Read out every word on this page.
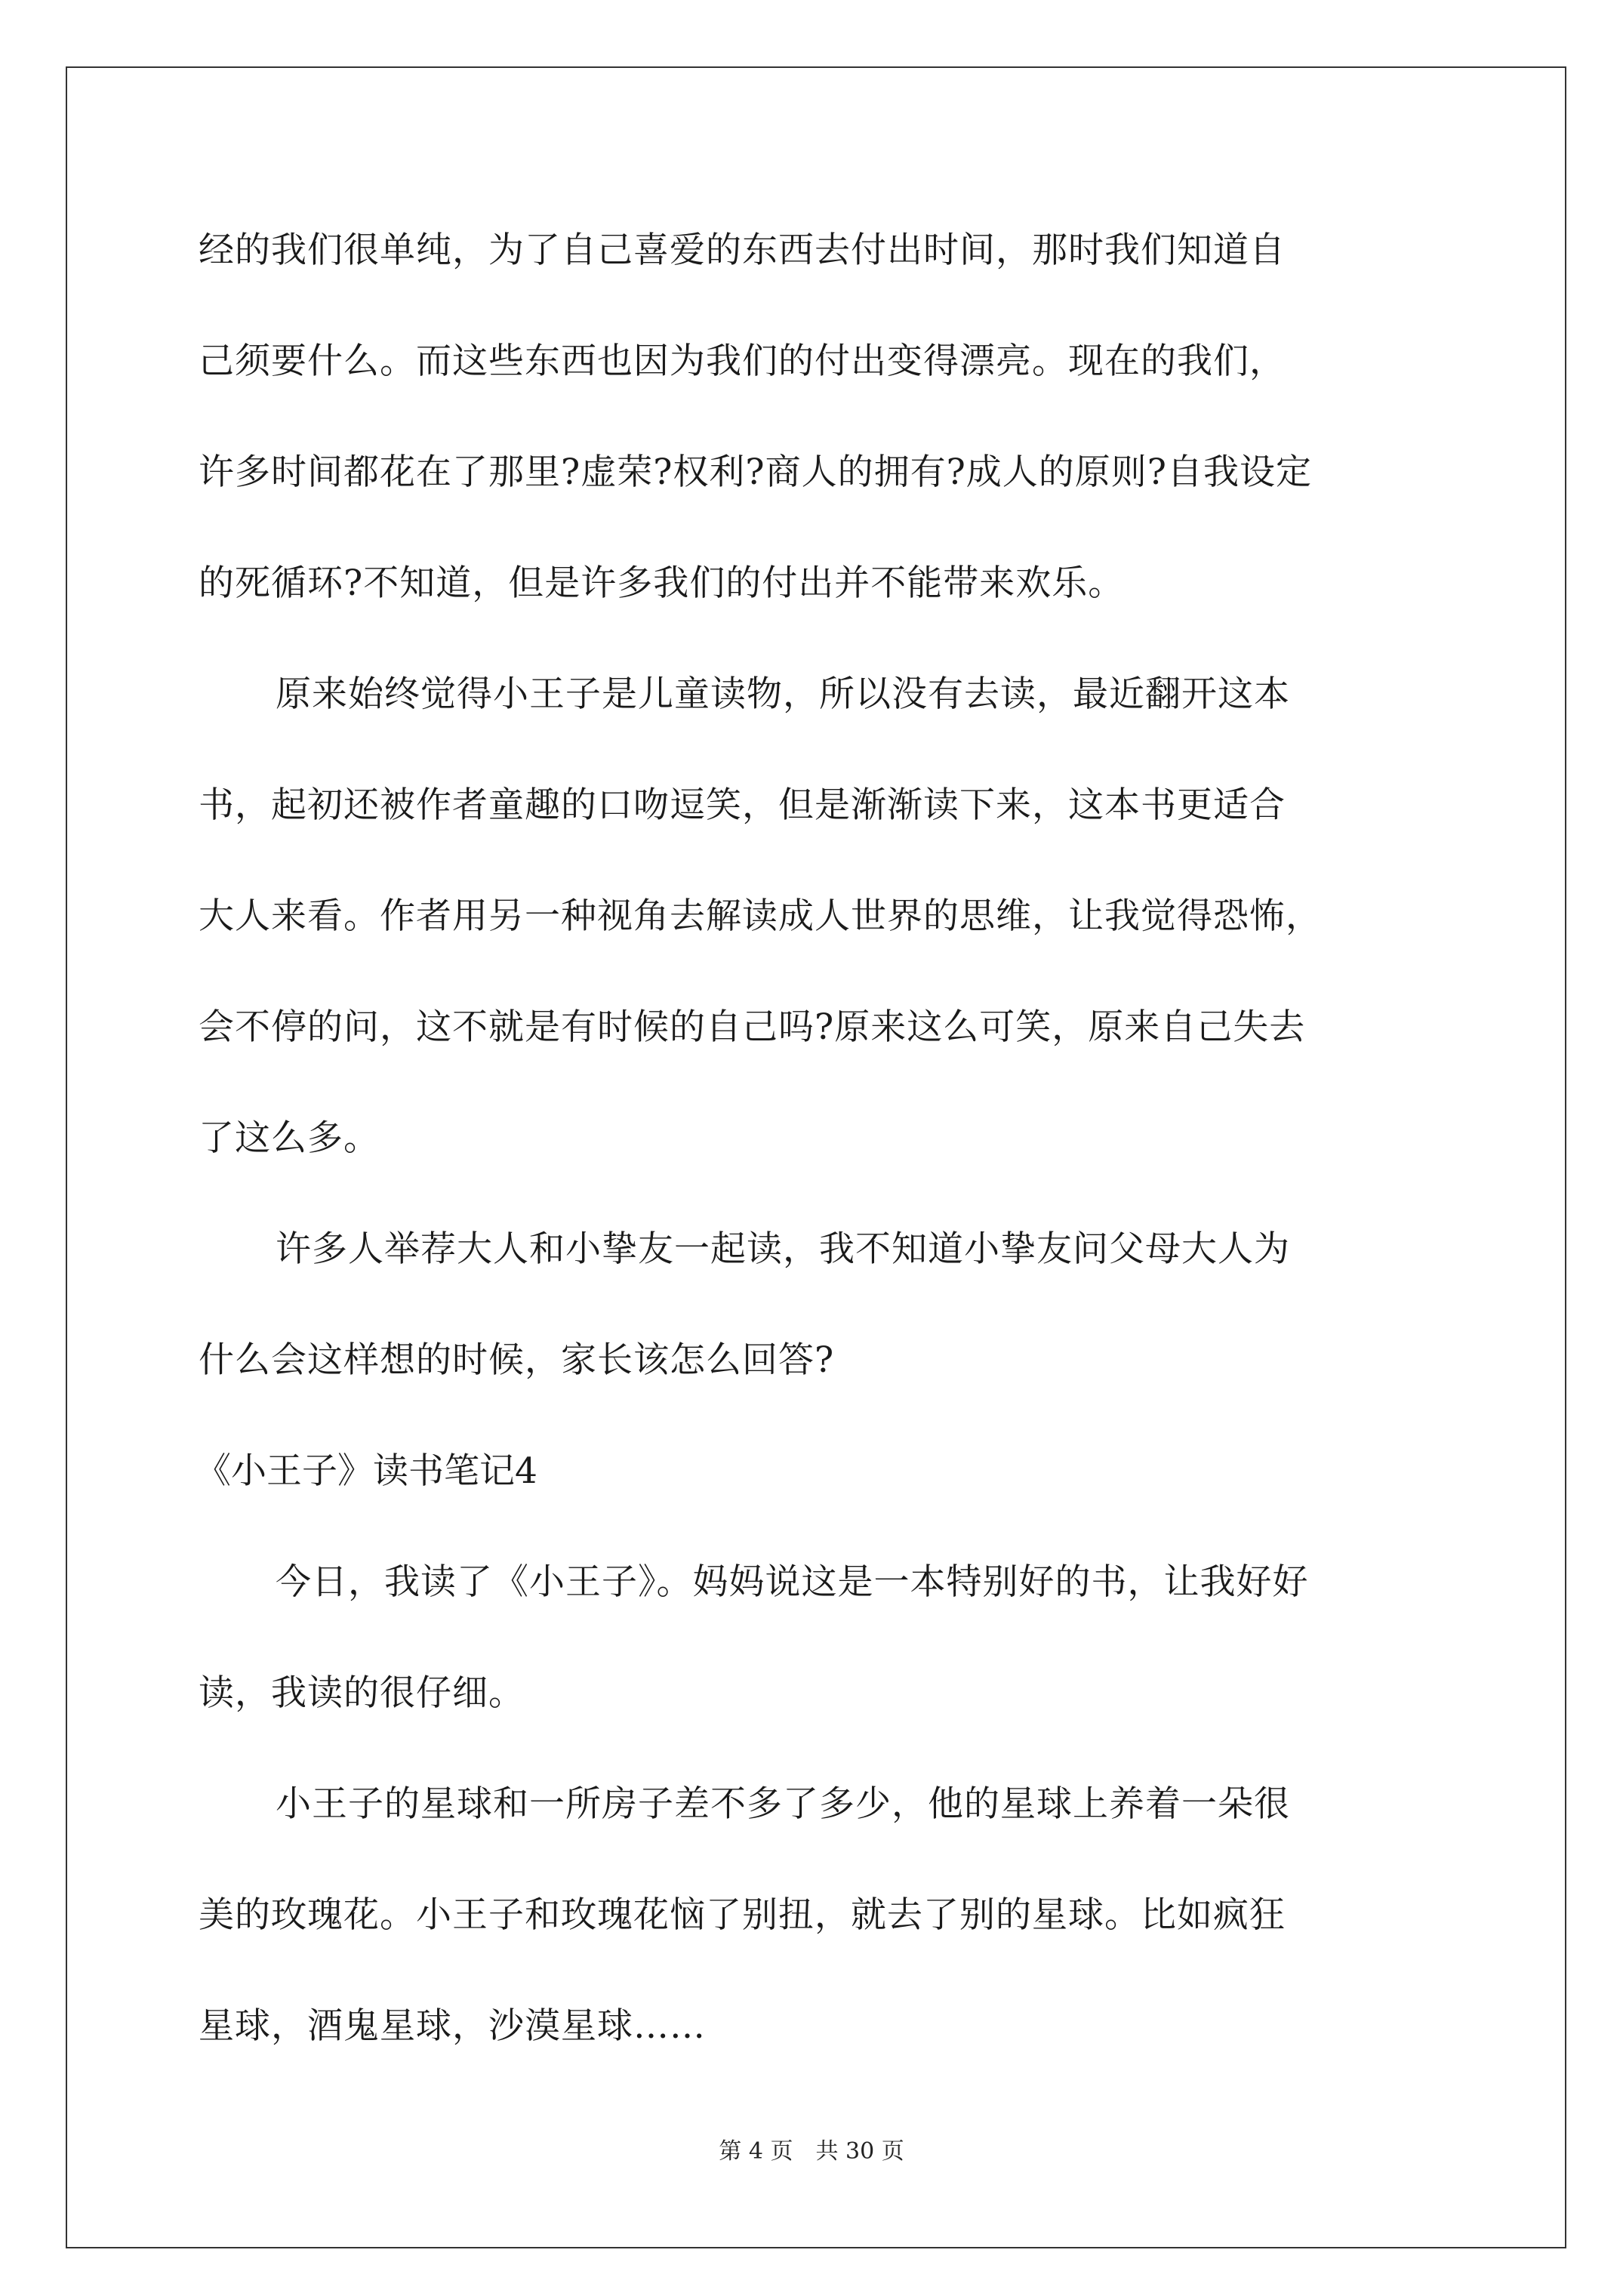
经的我们很单纯，为了自己喜爱的东西去付出时间，那时我们知道自
己须要什么。而这些东西也因为我们的付出变得漂亮。现在的我们，
许多时间都花在了那里?虚荣?权利?商人的拥有?成人的原则?自我设定
的死循环?不知道，但是许多我们的付出并不能带来欢乐。
原来始终觉得小王子是儿童读物，所以没有去读，最近翻开这本
书，起初还被作者童趣的口吻逗笑，但是渐渐读下来，这本书更适合
大人来看。作者用另一种视角去解读成人世界的思维，让我觉得恐怖，
会不停的问，这不就是有时候的自己吗?原来这么可笑，原来自己失去
了这么多。
许多人举荐大人和小挚友一起读，我不知道小挚友问父母大人为
什么会这样想的时候，家长该怎么回答?
《小王子》读书笔记4
今日，我读了《小王子》。妈妈说这是一本特别好的书，让我好好
读，我读的很仔细。
小王子的星球和一所房子差不多了多少，他的星球上养着一朵很
美的玫瑰花。小王子和玫瑰花恼了别扭，就去了别的星球。比如疯狂
星球，酒鬼星球，沙漠星球……
第 4 页　共 30 页
